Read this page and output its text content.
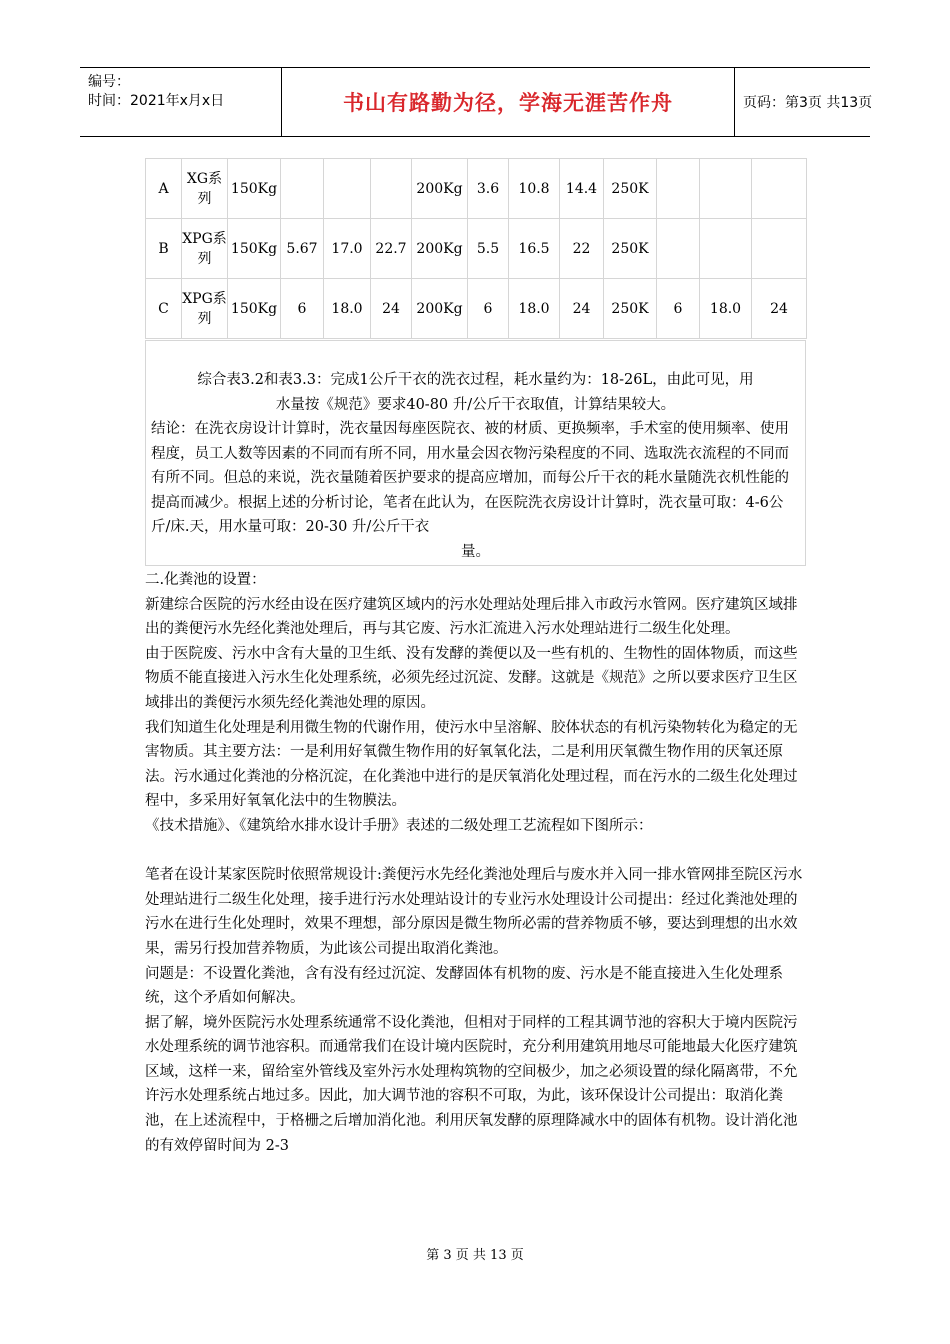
编号：
时间：2021年x月x日	书山有路勤为径，学海无涯苦作舟	页码：第3页 共13页
A	XG系列	150Kg				200Kg	3.6	10.8	14.4	250K			
B	XPG系列	150Kg	5.67	17.0	22.7	200Kg	5.5	16.5	22	250K			
C	XPG系列	150Kg	6	18.0	24	200Kg	6	18.0	24	250K	6	18.0	24

综合表3.2和表3.3：完成1公斤干衣的洗衣过程，耗水量约为：18-26L，由此可见，用

水量按《规范》要求40-80 升/公斤干衣取值，计算结果较大。

结论：在洗衣房设计计算时，洗衣量因每座医院衣、被的材质、更换频率，手术室的使用频率、使用程度，员工人数等因素的不同而有所不同，用水量会因衣物污染程度的不同、选取洗衣流程的不同而有所不同。但总的来说，洗衣量随着医护要求的提高应增加，而每公斤干衣的耗水量随洗衣机性能的提高而减少。根据上述的分析讨论，笔者在此认为，在医院洗衣房设计计算时，洗衣量可取：4-6公斤/床.天，用水量可取：20-30 升/公斤干衣

量。

二.化粪池的设置：

新建综合医院的污水经由设在医疗建筑区域内的污水处理站处理后排入市政污水管网。医疗建筑区域排出的粪便污水先经化粪池处理后，再与其它废、污水汇流进入污水处理站进行二级生化处理。

由于医院废、污水中含有大量的卫生纸、没有发酵的粪便以及一些有机的、生物性的固体物质，而这些物质不能直接进入污水生化处理系统，必须先经过沉淀、发酵。这就是《规范》之所以要求医疗卫生区域排出的粪便污水须先经化粪池处理的原因。

我们知道生化处理是利用微生物的代谢作用，使污水中呈溶解、胶体状态的有机污染物转化为稳定的无害物质。其主要方法：一是利用好氧微生物作用的好氧氧化法，二是利用厌氧微生物作用的厌氧还原法。污水通过化粪池的分格沉淀，在化粪池中进行的是厌氧消化处理过程，而在污水的二级生化处理过程中，多采用好氧氧化法中的生物膜法。

《技术措施》、《建筑给水排水设计手册》表述的二级处理工艺流程如下图所示：

笔者在设计某家医院时依照常规设计:粪便污水先经化粪池处理后与废水并入同一排水管网排至院区污水处理站进行二级生化处理，接手进行污水处理站设计的专业污水处理设计公司提出：经过化粪池处理的污水在进行生化处理时，效果不理想，部分原因是微生物所必需的营养物质不够，要达到理想的出水效果，需另行投加营养物质，为此该公司提出取消化粪池。

问题是：不设置化粪池，含有没有经过沉淀、发酵固体有机物的废、污水是不能直接进入生化处理系统，这个矛盾如何解决。

据了解，境外医院污水处理系统通常不设化粪池，但相对于同样的工程其调节池的容积大于境内医院污水处理系统的调节池容积。而通常我们在设计境内医院时，充分利用建筑用地尽可能地最大化医疗建筑区域，这样一来，留给室外管线及室外污水处理构筑物的空间极少，加之必须设置的绿化隔离带，不允许污水处理系统占地过多。因此，加大调节池的容积不可取，为此，该环保设计公司提出：取消化粪池，在上述流程中，于格栅之后增加消化池。利用厌氧发酵的原理降减水中的固体有机物。设计消化池的有效停留时间为 2-3

第 3 页 共 13 页
